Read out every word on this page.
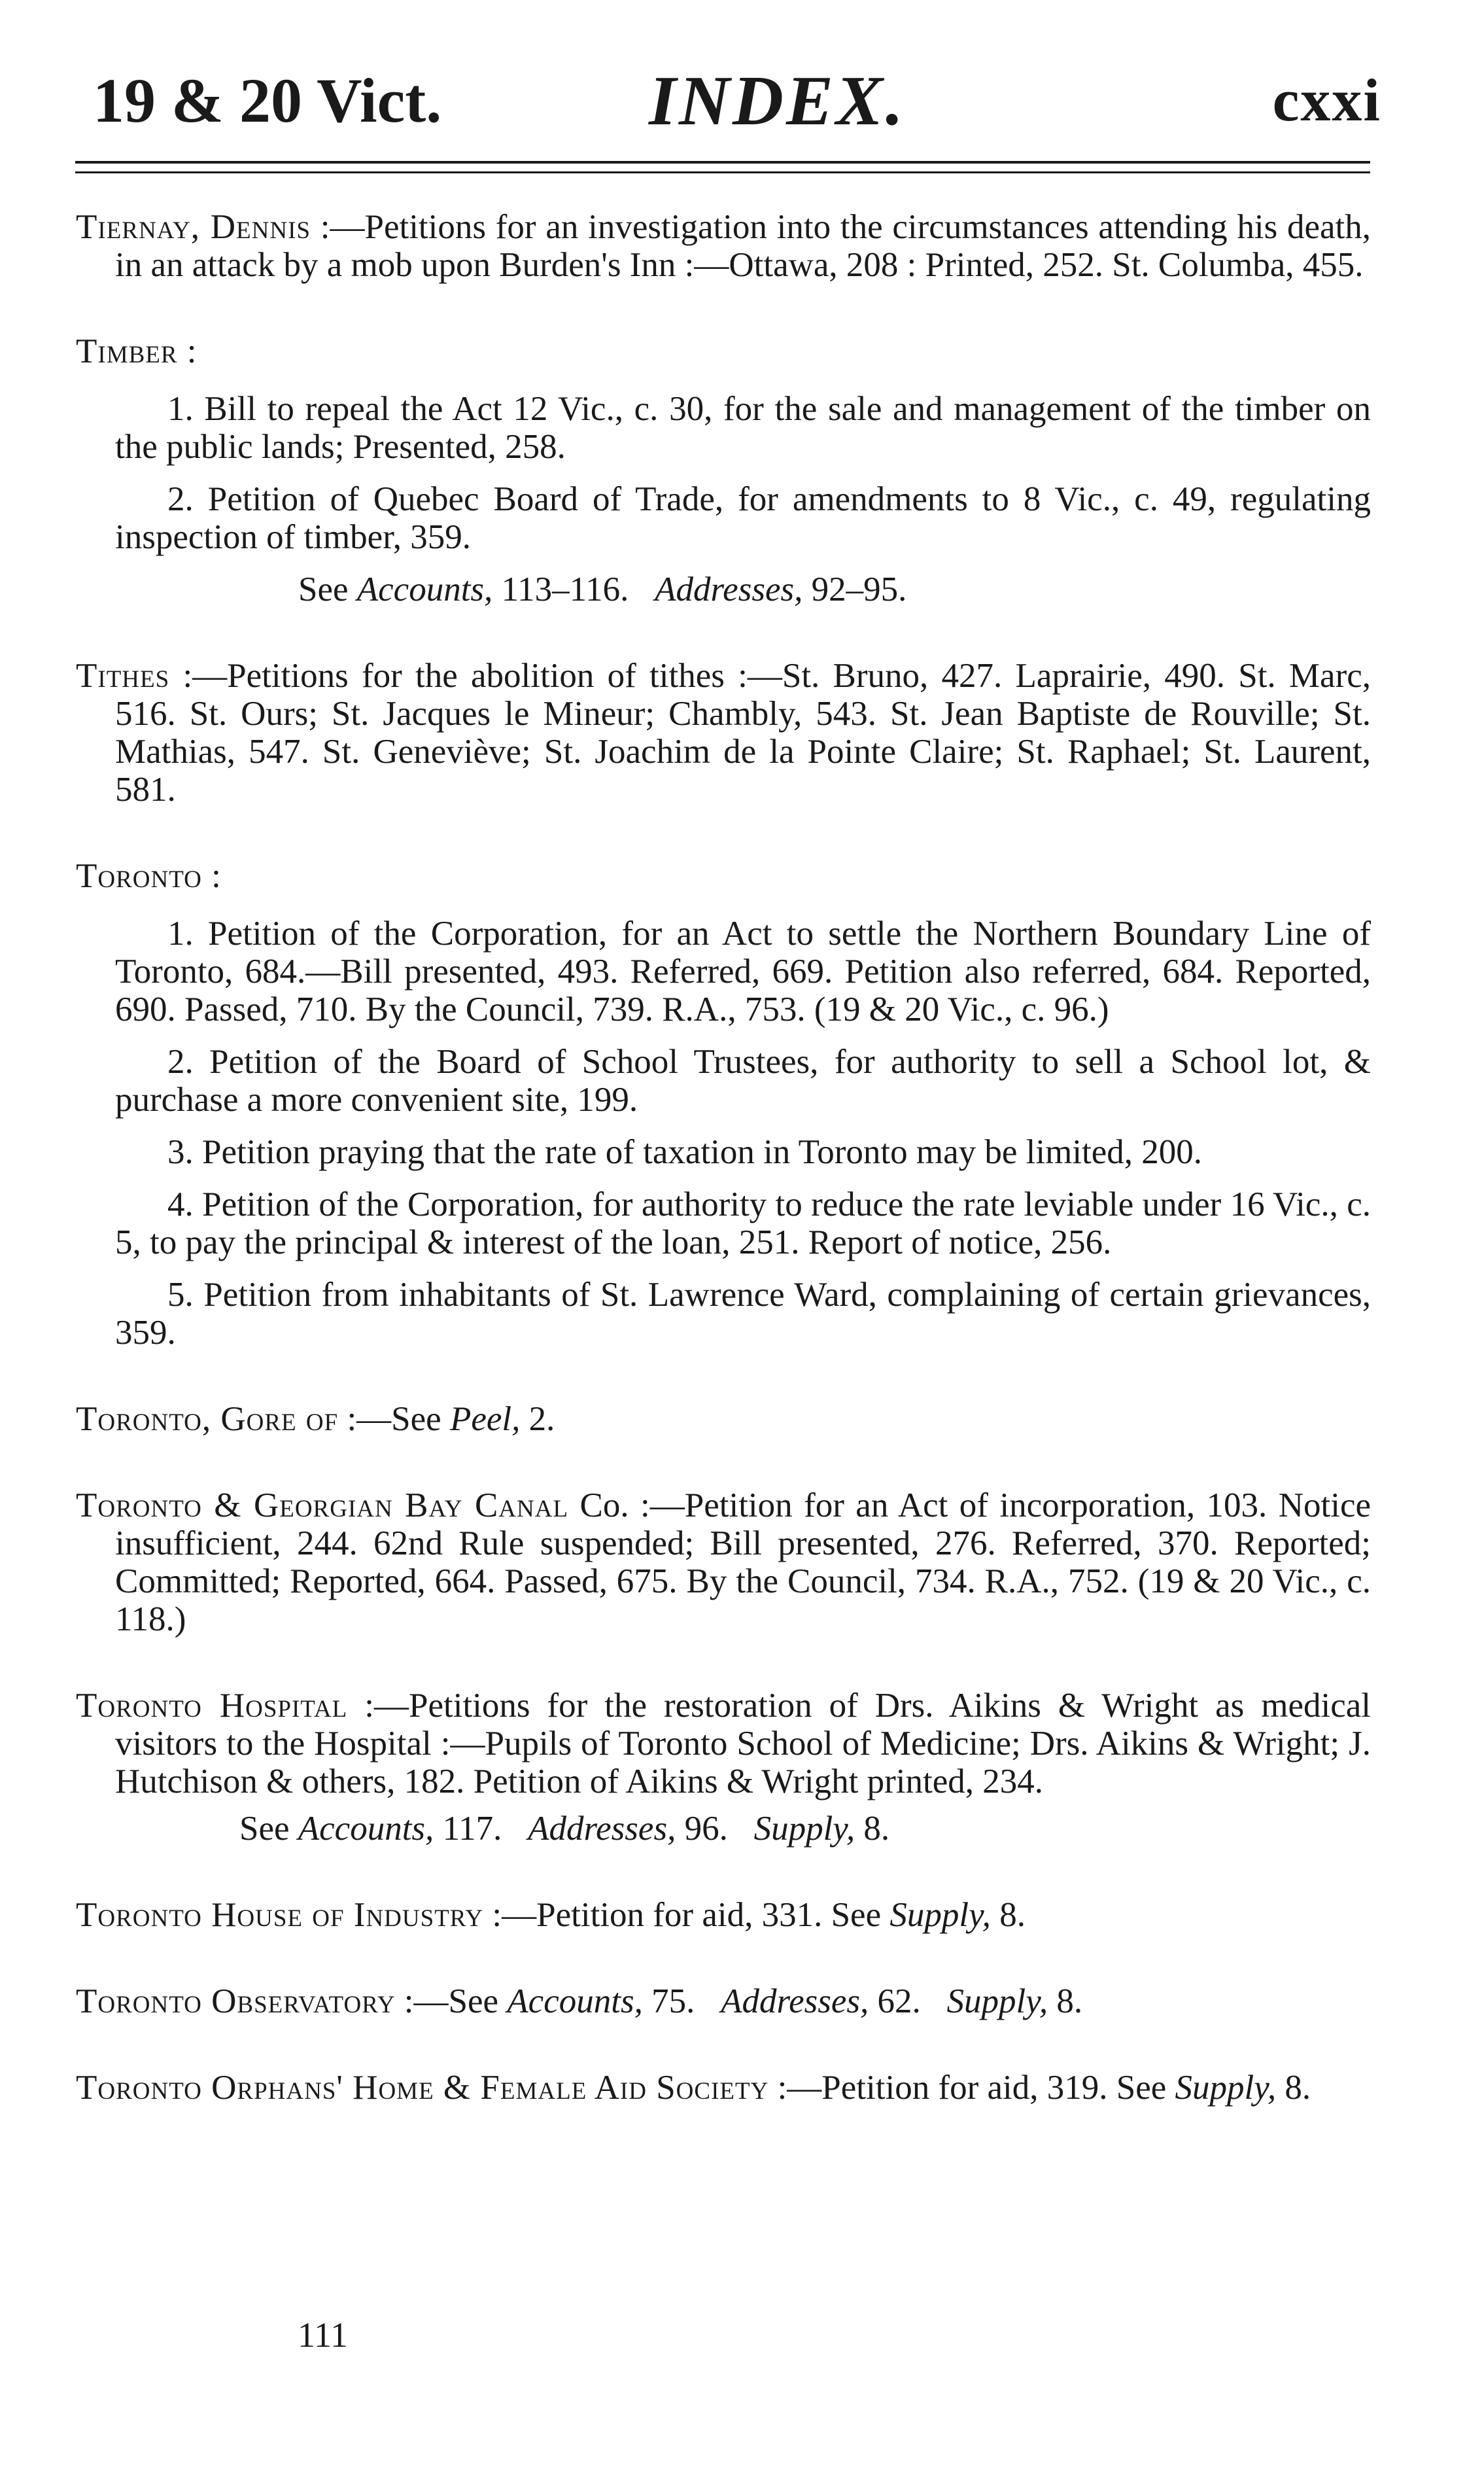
19 & 20 Vict.	INDEX.	cxxi

Tiernay, Dennis :—Petitions for an investigation into the circumstances attending his death, in an attack by a mob upon Burden's Inn :—Ottawa, 208 : Printed, 252. St. Columba, 455.

Timber :

1. Bill to repeal the Act 12 Vic., c. 30, for the sale and management of the timber on the public lands; Presented, 258.

2. Petition of Quebec Board of Trade, for amendments to 8 Vic., c. 49, regulating inspection of timber, 359.

See Accounts, 113–116. Addresses, 92–95.

Tithes :—Petitions for the abolition of tithes :—St. Bruno, 427. Laprairie, 490. St. Marc, 516. St. Ours; St. Jacques le Mineur; Chambly, 543. St. Jean Baptiste de Rouville; St. Mathias, 547. St. Geneviève; St. Joachim de la Pointe Claire; St. Raphael; St. Laurent, 581.

Toronto :

1. Petition of the Corporation, for an Act to settle the Northern Boundary Line of Toronto, 684.—Bill presented, 493. Referred, 669. Petition also referred, 684. Reported, 690. Passed, 710. By the Council, 739. R.A., 753. (19 & 20 Vic., c. 96.)

2. Petition of the Board of School Trustees, for authority to sell a School lot, & purchase a more convenient site, 199.

3. Petition praying that the rate of taxation in Toronto may be limited, 200.

4. Petition of the Corporation, for authority to reduce the rate leviable under 16 Vic., c. 5, to pay the principal & interest of the loan, 251. Report of notice, 256.

5. Petition from inhabitants of St. Lawrence Ward, complaining of certain grievances, 359.

Toronto, Gore of :—See Peel, 2.

Toronto & Georgian Bay Canal Co. :—Petition for an Act of incorporation, 103. Notice insufficient, 244. 62nd Rule suspended; Bill presented, 276. Referred, 370. Reported; Committed; Reported, 664. Passed, 675. By the Council, 734. R.A., 752. (19 & 20 Vic., c. 118.)

Toronto Hospital :—Petitions for the restoration of Drs. Aikins & Wright as medical visitors to the Hospital :—Pupils of Toronto School of Medicine; Drs. Aikins & Wright; J. Hutchison & others, 182. Petition of Aikins & Wright printed, 234.

See Accounts, 117. Addresses, 96. Supply, 8.

Toronto House of Industry :—Petition for aid, 331. See Supply, 8.

Toronto Observatory :—See Accounts, 75. Addresses, 62. Supply, 8.

Toronto Orphans' Home & Female Aid Society :—Petition for aid, 319. See Supply, 8.

111
